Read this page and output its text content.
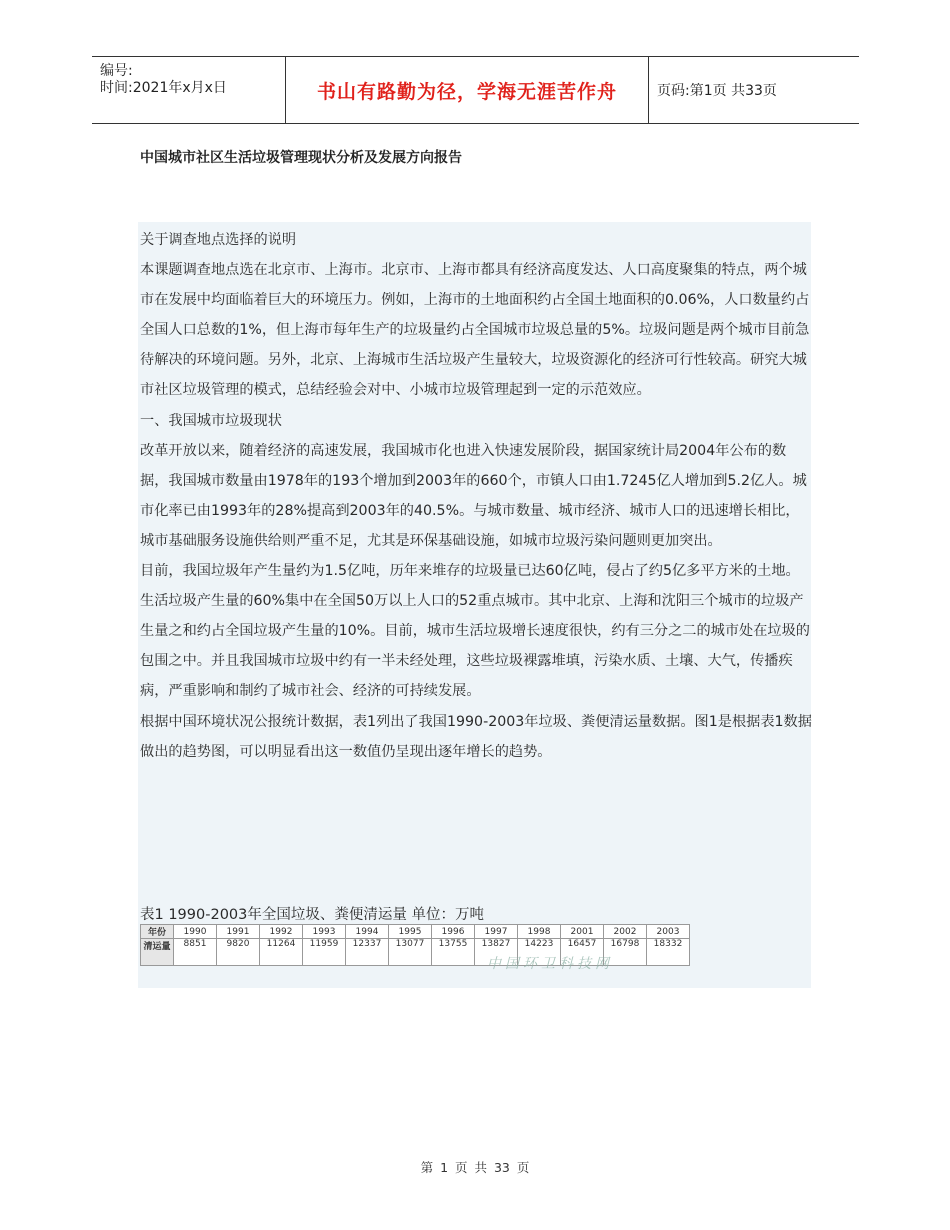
编号:
时间:2021年x月x日	书山有路勤为径，学海无涯苦作舟	页码:第1页 共33页
中国城市社区生活垃圾管理现状分析及发展方向报告

关于调查地点选择的说明

本课题调查地点选在北京市、上海市。北京市、上海市都具有经济高度发达、人口高度聚集的特点，两个城市在发展中均面临着巨大的环境压力。例如，上海市的土地面积约占全国土地面积的0.06%，人口数量约占全国人口总数的1%，但上海市每年生产的垃圾量约占全国城市垃圾总量的5%。垃圾问题是两个城市目前急待解决的环境问题。另外，北京、上海城市生活垃圾产生量较大，垃圾资源化的经济可行性较高。研究大城市社区垃圾管理的模式，总结经验会对中、小城市垃圾管理起到一定的示范效应。

一、我国城市垃圾现状

改革开放以来，随着经济的高速发展，我国城市化也进入快速发展阶段，据国家统计局2004年公布的数据，我国城市数量由1978年的193个增加到2003年的660个，市镇人口由1.7245亿人增加到5.2亿人。城市化率已由1993年的28%提高到2003年的40.5%。与城市数量、城市经济、城市人口的迅速增长相比，城市基础服务设施供给则严重不足，尤其是环保基础设施，如城市垃圾污染问题则更加突出。

目前，我国垃圾年产生量约为1.5亿吨，历年来堆存的垃圾量已达60亿吨，侵占了约5亿多平方米的土地。生活垃圾产生量的60%集中在全国50万以上人口的52重点城市。其中北京、上海和沈阳三个城市的垃圾产生量之和约占全国垃圾产生量的10%。目前，城市生活垃圾增长速度很快，约有三分之二的城市处在垃圾的包围之中。并且我国城市垃圾中约有一半未经处理，这些垃圾裸露堆填，污染水质、土壤、大气，传播疾病，严重影响和制约了城市社会、经济的可持续发展。

根据中国环境状况公报统计数据，表1列出了我国1990-2003年垃圾、粪便清运量数据。图1是根据表1数据做出的趋势图，可以明显看出这一数值仍呈现出逐年增长的趋势。

表1 1990-2003年全国垃圾、粪便清运量 单位：万吨
年份	1990	1991	1992	1993	1994	1995	1996	1997	1998	2001	2002	2003
清运量	8851	9820	11264	11959	12337	13077	13755	13827	14223	16457	16798	18332
中国环卫科技网
第 1 页 共 33 页
